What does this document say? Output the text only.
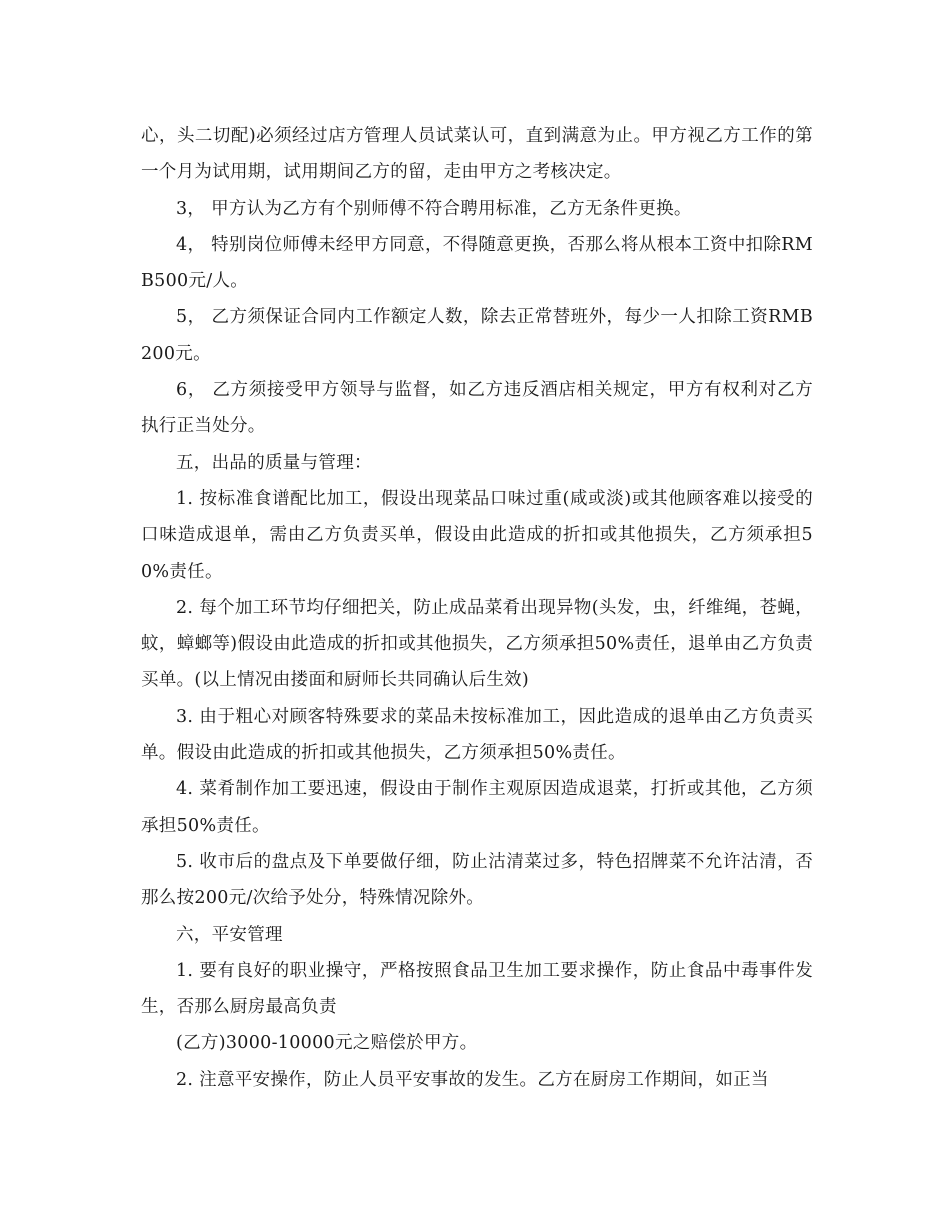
心，头二切配)必须经过店方管理人员试菜认可，直到满意为止。甲方视乙方工作的第一个月为试用期，试用期间乙方的留，走由甲方之考核决定。

3， 甲方认为乙方有个别师傅不符合聘用标准，乙方无条件更换。

4， 特别岗位师傅未经甲方同意，不得随意更换，否那么将从根本工资中扣除RMB500元/人。

5， 乙方须保证合同内工作额定人数，除去正常替班外，每少一人扣除工资RMB200元。

6， 乙方须接受甲方领导与监督，如乙方违反酒店相关规定，甲方有权利对乙方执行正当处分。

五，出品的质量与管理：

1. 按标准食谱配比加工，假设出现菜品口味过重(咸或淡)或其他顾客难以接受的口味造成退单，需由乙方负责买单，假设由此造成的折扣或其他损失，乙方须承担50%责任。

2. 每个加工环节均仔细把关，防止成品菜肴出现异物(头发，虫，纤维绳，苍蝇，蚊，蟑螂等)假设由此造成的折扣或其他损失，乙方须承担50%责任，退单由乙方负责买单。(以上情况由搂面和厨师长共同确认后生效)

3. 由于粗心对顾客特殊要求的菜品未按标准加工，因此造成的退单由乙方负责买单。假设由此造成的折扣或其他损失，乙方须承担50%责任。

4. 菜肴制作加工要迅速，假设由于制作主观原因造成退菜，打折或其他，乙方须承担50%责任。

5. 收市后的盘点及下单要做仔细，防止沽清菜过多，特色招牌菜不允许沽清，否那么按200元/次给予处分，特殊情况除外。

六，平安管理

1. 要有良好的职业操守，严格按照食品卫生加工要求操作，防止食品中毒事件发生，否那么厨房最高负责

(乙方)3000-10000元之赔偿於甲方。

2. 注意平安操作，防止人员平安事故的发生。乙方在厨房工作期间，如正当
